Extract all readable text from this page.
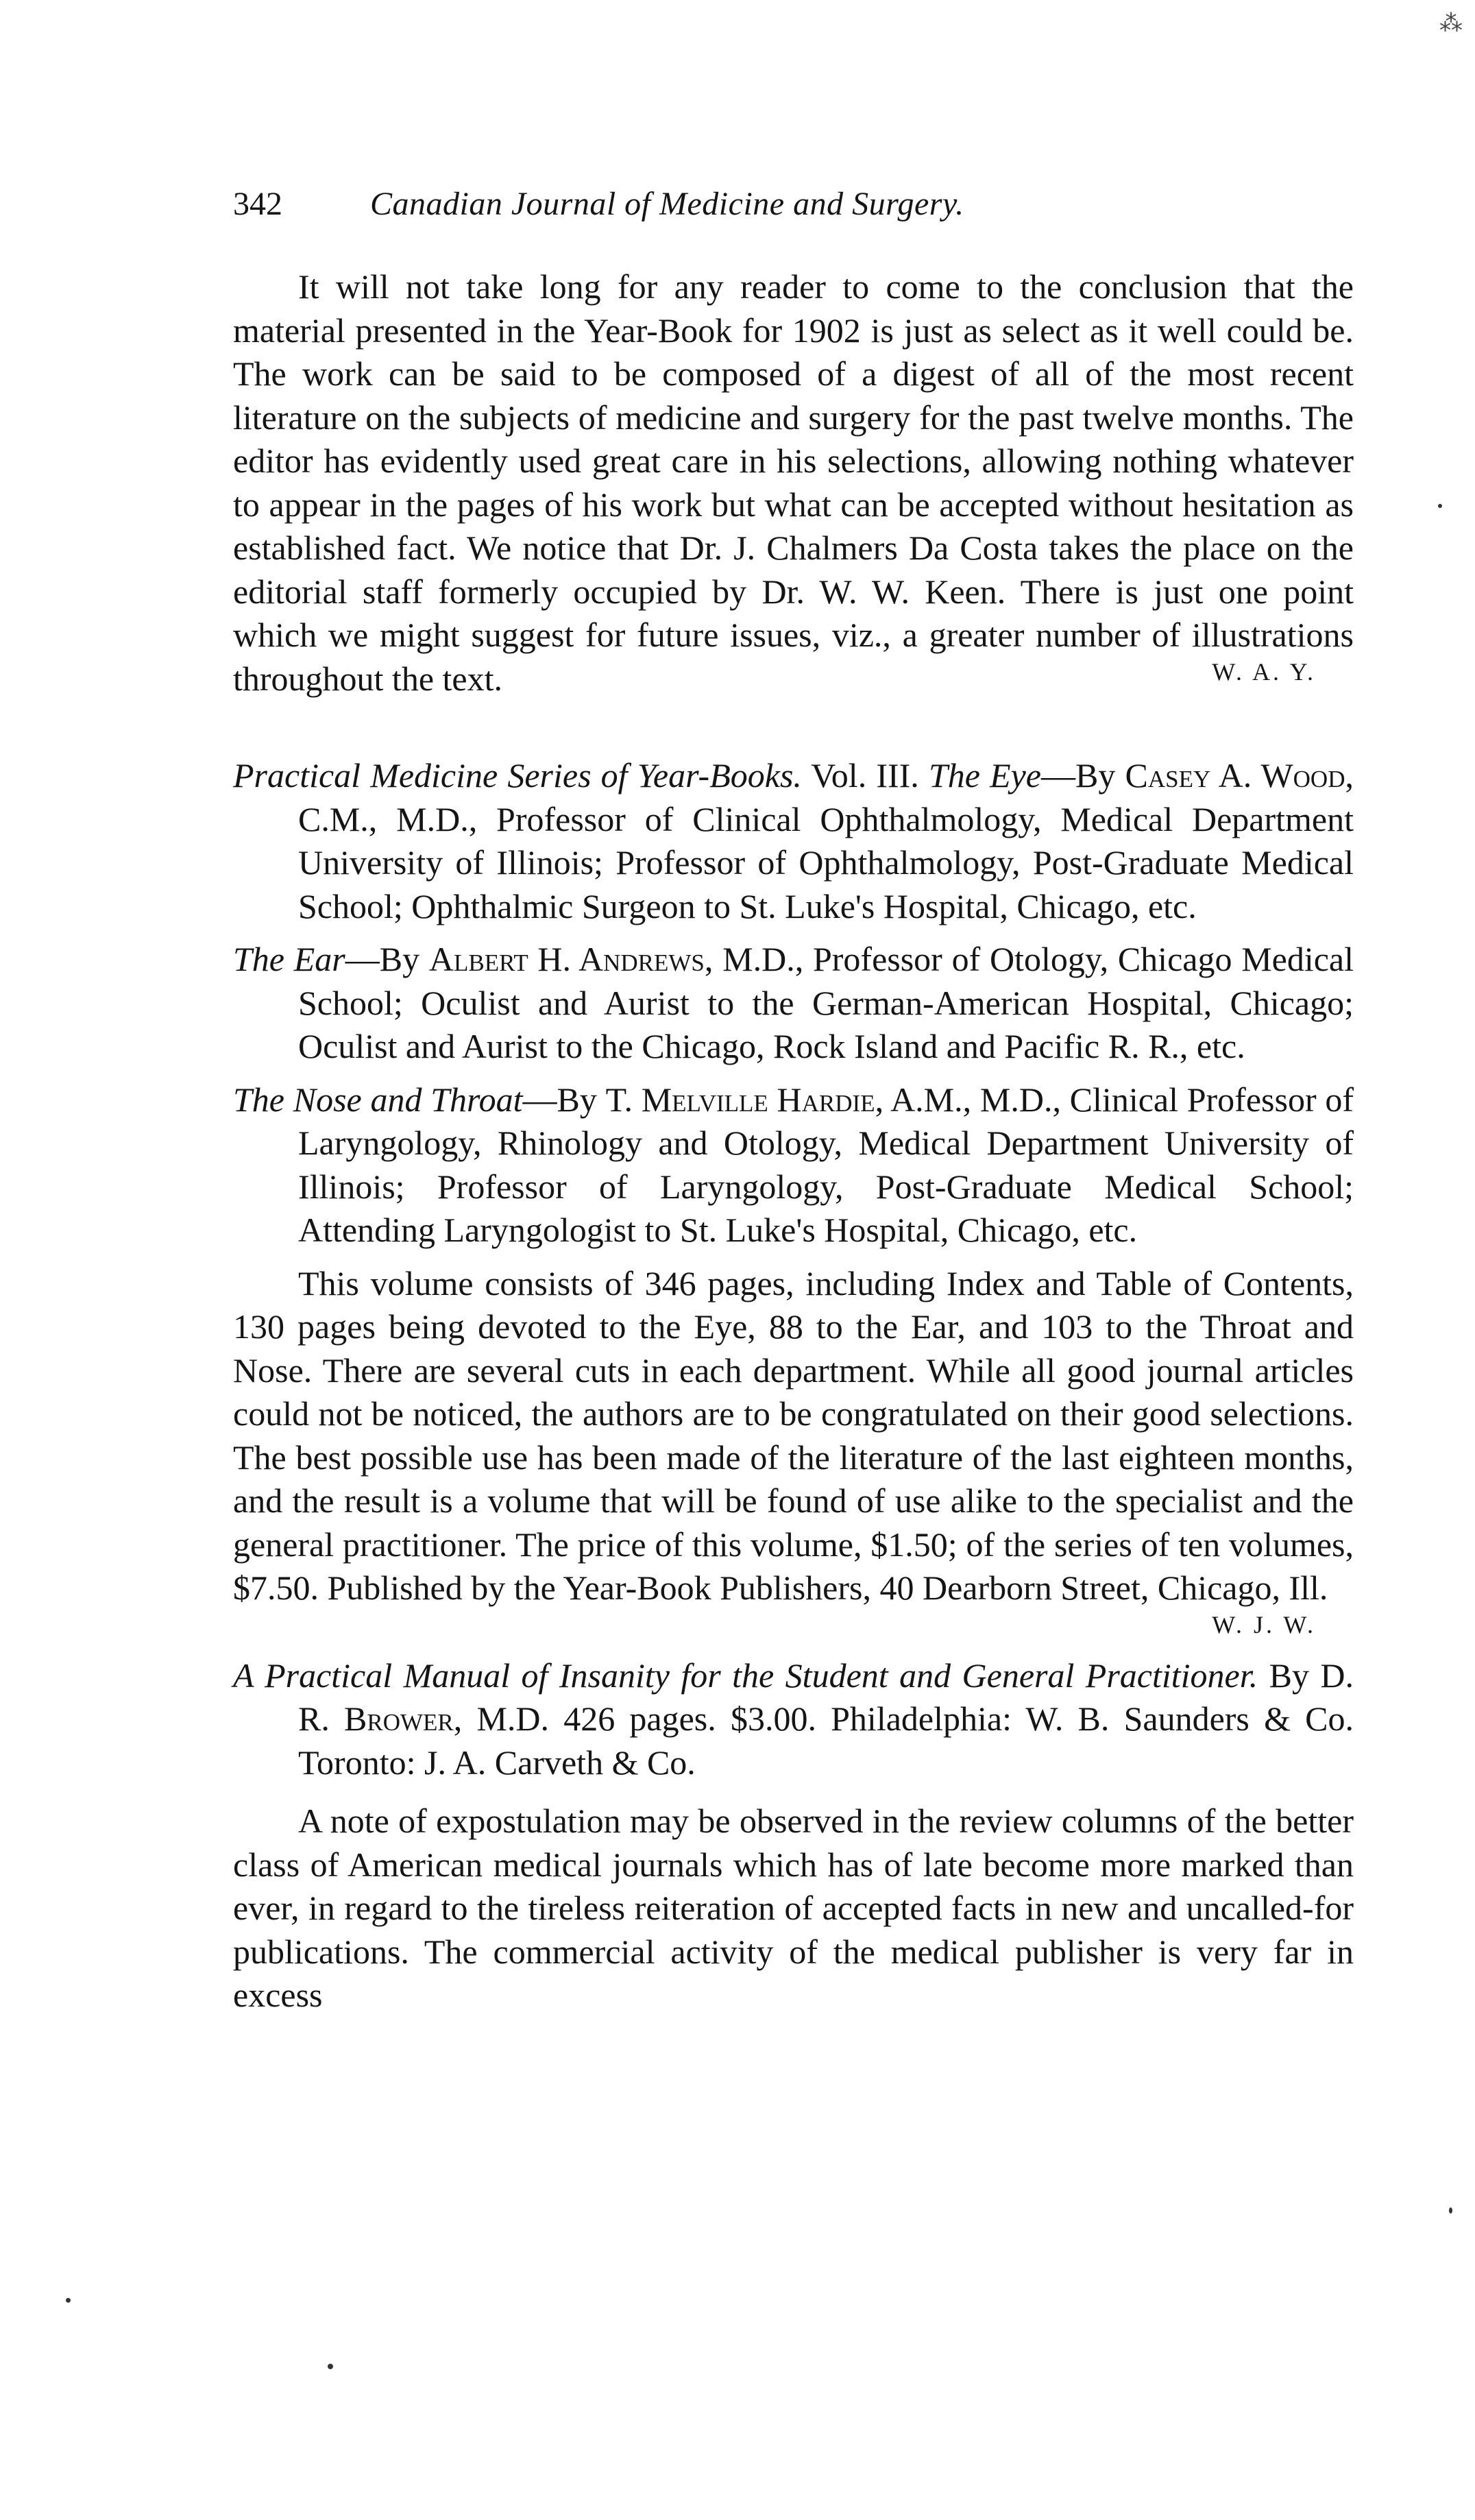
⁂
342	Canadian Journal of Medicine and Surgery.

It will not take long for any reader to come to the conclusion that the material presented in the Year-Book for 1902 is just as select as it well could be. The work can be said to be composed of a digest of all of the most recent literature on the subjects of medicine and surgery for the past twelve months. The editor has evidently used great care in his selections, allowing nothing whatever to appear in the pages of his work but what can be accepted without hesitation as established fact. We notice that Dr. J. Chalmers Da Costa takes the place on the editorial staff formerly occupied by Dr. W. W. Keen. There is just one point which we might suggest for future issues, viz., a greater number of illustrations throughout the text.	W. A. Y.

Practical Medicine Series of Year-Books. Vol. III. The Eye—By Casey A. Wood, C.M., M.D., Professor of Clinical Ophthalmology, Medical Department University of Illinois; Professor of Ophthalmology, Post-Graduate Medical School; Ophthalmic Surgeon to St. Luke's Hospital, Chicago, etc.

The Ear—By Albert H. Andrews, M.D., Professor of Otology, Chicago Medical School; Oculist and Aurist to the German-American Hospital, Chicago; Oculist and Aurist to the Chicago, Rock Island and Pacific R. R., etc.

The Nose and Throat—By T. Melville Hardie, A.M., M.D., Clinical Professor of Laryngology, Rhinology and Otology, Medical Department University of Illinois; Professor of Laryngology, Post-Graduate Medical School; Attending Laryngologist to St. Luke's Hospital, Chicago, etc.

This volume consists of 346 pages, including Index and Table of Contents, 130 pages being devoted to the Eye, 88 to the Ear, and 103 to the Throat and Nose. There are several cuts in each department. While all good journal articles could not be noticed, the authors are to be congratulated on their good selections. The best possible use has been made of the literature of the last eighteen months, and the result is a volume that will be found of use alike to the specialist and the general practitioner. The price of this volume, $1.50; of the series of ten volumes, $7.50. Published by the Year-Book Publishers, 40 Dearborn Street, Chicago, Ill.

W. J. W.

A Practical Manual of Insanity for the Student and General Practitioner. By D. R. Brower, M.D. 426 pages. $3.00. Philadelphia: W. B. Saunders & Co. Toronto: J. A. Carveth & Co.

A note of expostulation may be observed in the review columns of the better class of American medical journals which has of late become more marked than ever, in regard to the tireless reiteration of accepted facts in new and uncalled-for publications. The commercial activity of the medical publisher is very far in excess
